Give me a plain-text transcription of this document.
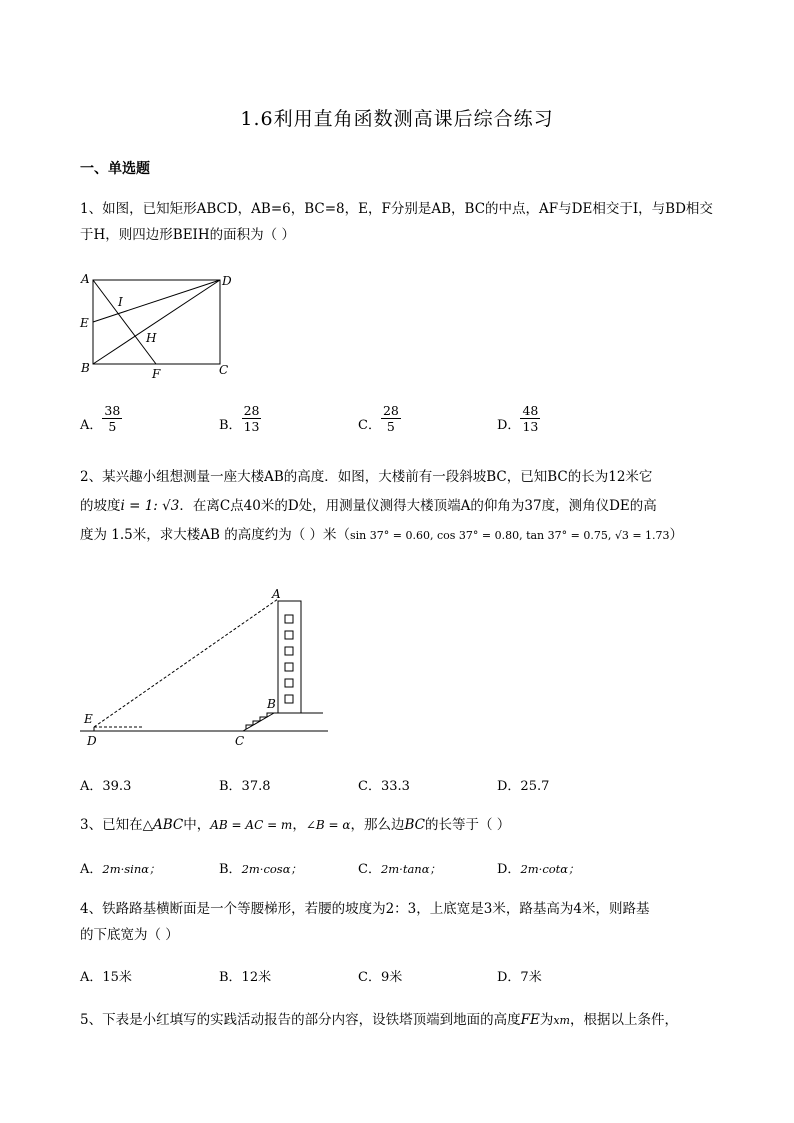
1.6利用直角函数测高课后综合练习
一、单选题
1、如图，已知矩形ABCD，AB=6，BC=8，E，F分别是AB，BC的中点，AF与DE相交于I，与BD相交
于H，则四边形BEIH的面积为（ ）
A	D
E
I
H
B	F	C
A． $\frac{38}{5}$	B． $\frac{28}{13}$	C． $\frac{28}{5}$	D． $\frac{48}{13}$
2、某兴趣小组想测量一座大楼AB的高度．如图，大楼前有一段斜坡BC，已知BC的长为12米它
的坡度i = 1: √3．在离C点40米的D处，用测量仪测得大楼顶端A的仰角为37度，测角仪DE的高
度为 1.5米，求大楼AB 的高度约为（ ）米（sin 37° = 0.60, cos 37° = 0.80, tan 37° = 0.75, √3 = 1.73）
A
B
C
D
E
A．39.3	B．37.8	C．33.3	D．25.7
3、已知在△ABC中，AB = AC = m，∠B = α，那么边BC的长等于（ ）
A．2m·sinα；	B．2m·cosα；	C．2m·tanα；	D．2m·cotα；
4、铁路路基横断面是一个等腰梯形，若腰的坡度为2：3，上底宽是3米，路基高为4米，则路基
的下底宽为（ ）
A．15米	B．12米	C．9米	D．7米
5、下表是小红填写的实践活动报告的部分内容，设铁塔顶端到地面的高度FE为xm，根据以上条件，
